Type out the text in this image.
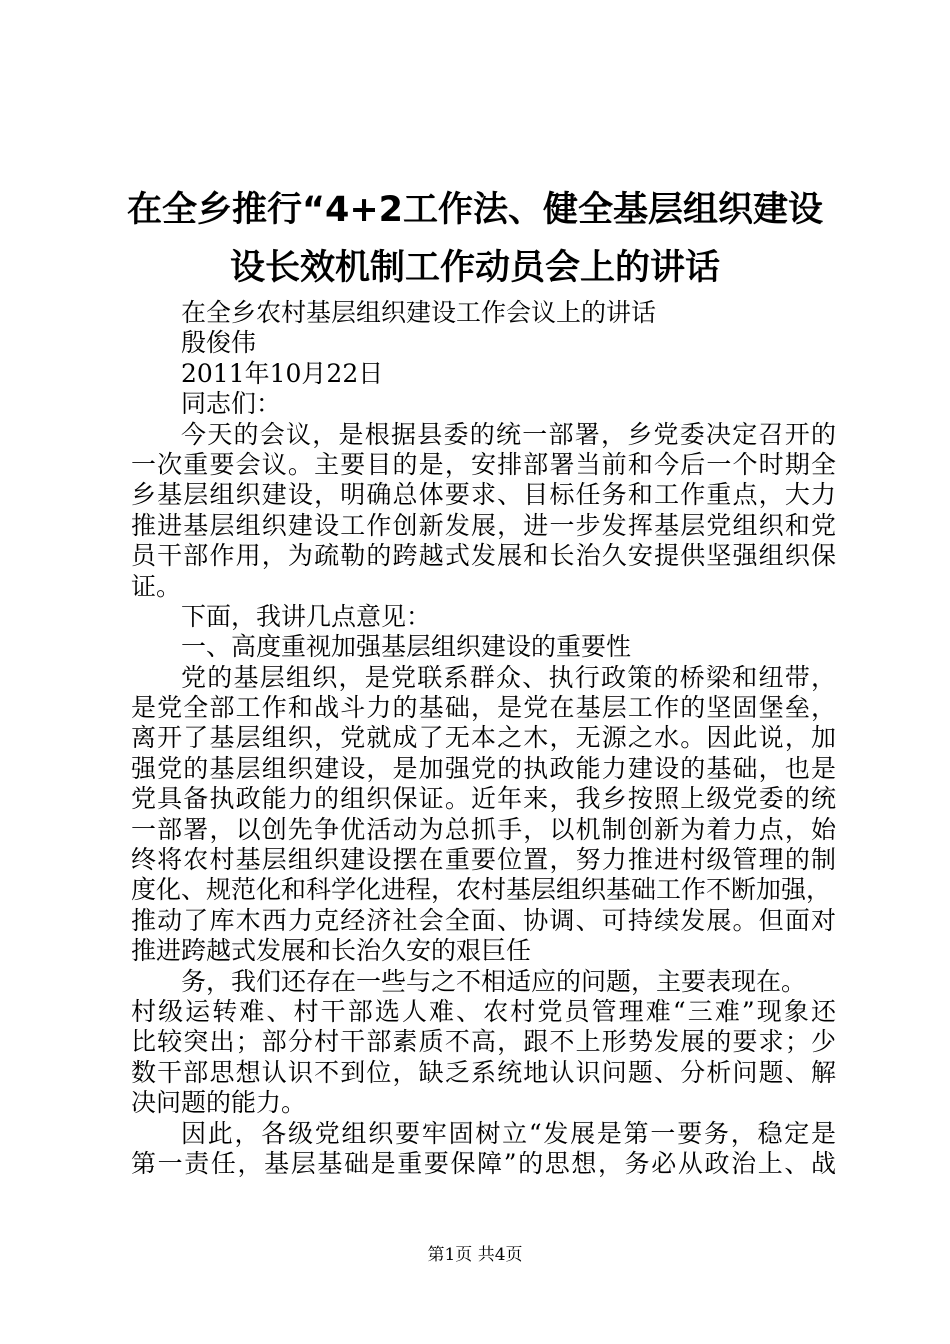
在全乡推行“4+2工作法、健全基层组织建设
设长效机制工作动员会上的讲话
在全乡农村基层组织建设工作会议上的讲话
殷俊伟
2011年10月22日
同志们：
今天的会议，是根据县委的统一部署，乡党委决定召开的
一次重要会议。主要目的是，安排部署当前和今后一个时期全
乡基层组织建设，明确总体要求、目标任务和工作重点，大力
推进基层组织建设工作创新发展，进一步发挥基层党组织和党
员干部作用，为疏勒的跨越式发展和长治久安提供坚强组织保
证。
下面，我讲几点意见：
一、高度重视加强基层组织建设的重要性
党的基层组织，是党联系群众、执行政策的桥梁和纽带，
是党全部工作和战斗力的基础，是党在基层工作的坚固堡垒，
离开了基层组织，党就成了无本之木，无源之水。因此说，加
强党的基层组织建设，是加强党的执政能力建设的基础，也是
党具备执政能力的组织保证。近年来，我乡按照上级党委的统
一部署，以创先争优活动为总抓手，以机制创新为着力点，始
终将农村基层组织建设摆在重要位置，努力推进村级管理的制
度化、规范化和科学化进程，农村基层组织基础工作不断加强，
推动了库木西力克经济社会全面、协调、可持续发展。但面对
推进跨越式发展和长治久安的艰巨任
务，我们还存在一些与之不相适应的问题，主要表现在。
村级运转难、村干部选人难、农村党员管理难“三难”现象还
比较突出；部分村干部素质不高，跟不上形势发展的要求；少
数干部思想认识不到位，缺乏系统地认识问题、分析问题、解
决问题的能力。
因此，各级党组织要牢固树立“发展是第一要务，稳定是
第一责任，基层基础是重要保障”的思想，务必从政治上、战
第1页 共4页
